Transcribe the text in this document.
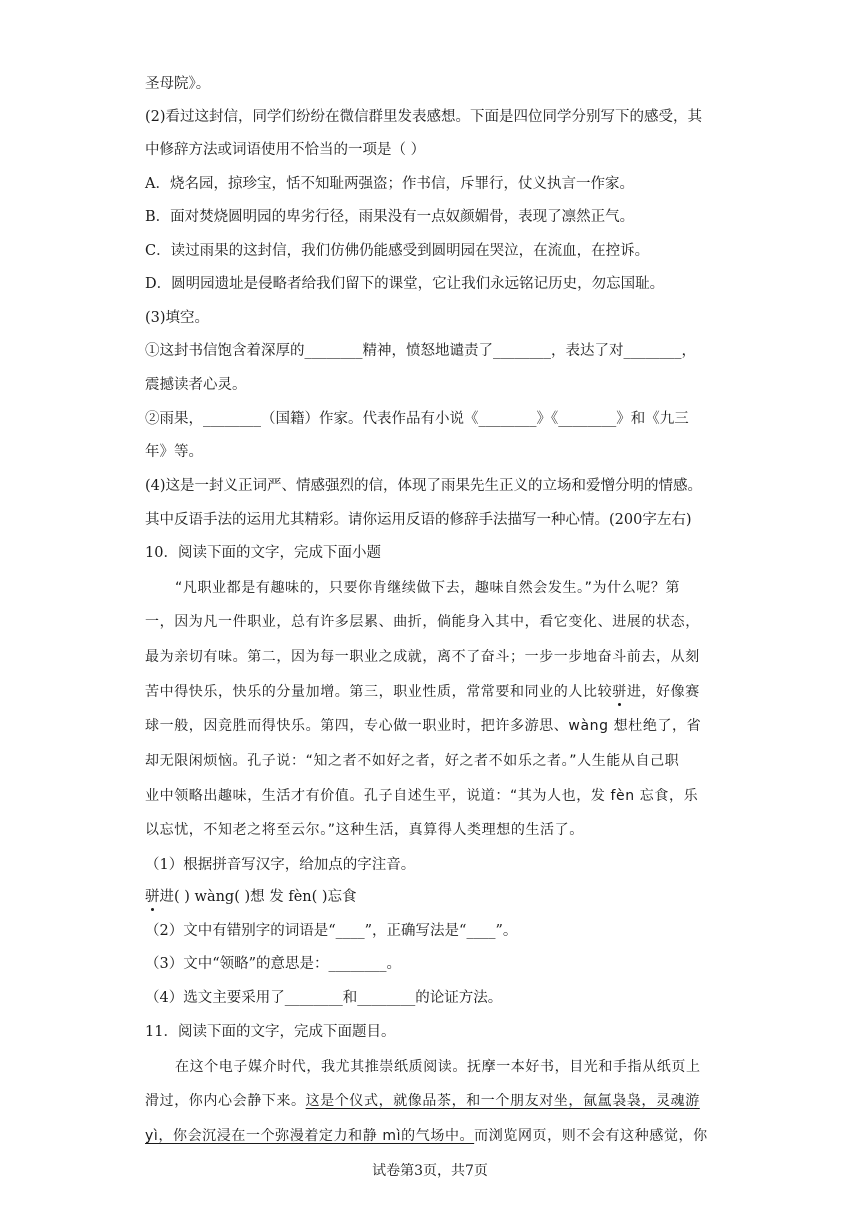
圣母院》。
(2)看过这封信，同学们纷纷在微信群里发表感想。下面是四位同学分别写下的感受，其
中修辞方法或词语使用不恰当的一项是（ ）
A．烧名园，掠珍宝，恬不知耻两强盗；作书信，斥罪行，仗义执言一作家。
B．面对焚烧圆明园的卑劣行径，雨果没有一点奴颜媚骨，表现了凛然正气。
C．读过雨果的这封信，我们仿佛仍能感受到圆明园在哭泣，在流血，在控诉。
D．圆明园遗址是侵略者给我们留下的课堂，它让我们永远铭记历史，勿忘国耻。
(3)填空。
①这封书信饱含着深厚的________精神，愤怒地谴责了________，表达了对________，
震撼读者心灵。
②雨果，________（国籍）作家。代表作品有小说《________》《________》和《九三
年》等。
(4)这是一封义正词严、情感强烈的信，体现了雨果先生正义的立场和爱憎分明的情感。
其中反语手法的运用尤其精彩。请你运用反语的修辞手法描写一种心情。(200字左右)
10．阅读下面的文字，完成下面小题
“凡职业都是有趣味的，只要你肯继续做下去，趣味自然会发生。”为什么呢？第
一，因为凡一件职业，总有许多层累、曲折，倘能身入其中，看它变化、进展的状态，
最为亲切有味。第二，因为每一职业之成就，离不了奋斗；一步一步地奋斗前去，从刻
苦中得快乐，快乐的分量加增。第三，职业性质，常常要和同业的人比较骈进，好像赛
球一般，因竞胜而得快乐。第四，专心做一职业时，把许多游思、wàng 想杜绝了，省
却无限闲烦恼。孔子说：“知之者不如好之者，好之者不如乐之者。”人生能从自己职
业中领略出趣味，生活才有价值。孔子自述生平，说道：“其为人也，发 fèn 忘食，乐
以忘忧，不知老之将至云尔。”这种生活，真算得人类理想的生活了。
（1）根据拼音写汉字，给加点的字注音。
骈进( ) wàng( )想 发 fèn( )忘食
（2）文中有错别字的词语是“____”，正确写法是“____”。
（3）文中“领略”的意思是：________。
（4）选文主要采用了________和________的论证方法。
11．阅读下面的文字，完成下面题目。
在这个电子媒介时代，我尤其推崇纸质阅读。抚摩一本好书，目光和手指从纸页上
滑过，你内心会静下来。这是个仪式，就像品茶，和一个朋友对坐，氤氲袅袅，灵魂游
yì，你会沉浸在一个弥漫着定力和静 mì的气场中。而浏览网页，则不会有这种感觉，你
试卷第3页，共7页
